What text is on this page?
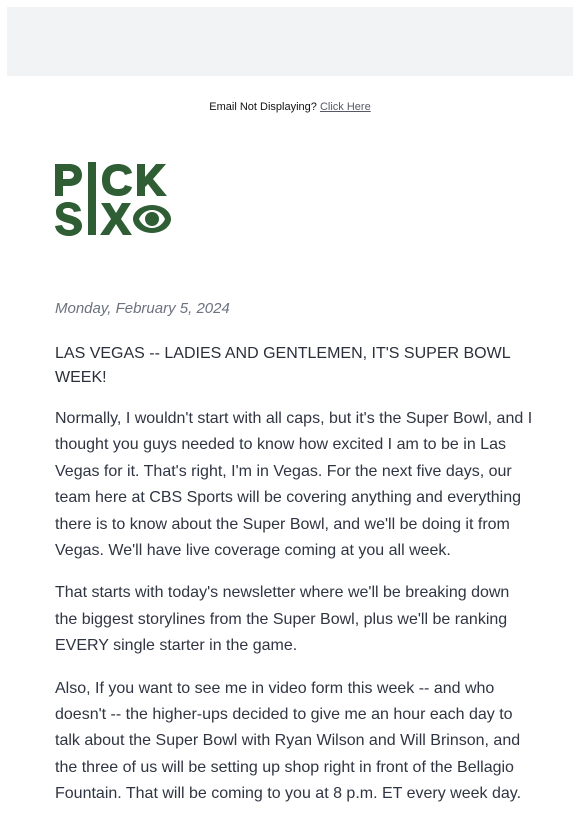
Email Not Displaying? Click Here

Monday, February 5, 2024

LAS VEGAS -- LADIES AND GENTLEMEN, IT'S SUPER BOWL WEEK!

Normally, I wouldn't start with all caps, but it's the Super Bowl, and I thought you guys needed to know how excited I am to be in Las Vegas for it. That's right, I'm in Vegas. For the next five days, our team here at CBS Sports will be covering anything and everything there is to know about the Super Bowl, and we'll be doing it from Vegas. We'll have live coverage coming at you all week.

That starts with today's newsletter where we'll be breaking down the biggest storylines from the Super Bowl, plus we'll be ranking EVERY single starter in the game.

Also, If you want to see me in video form this week -- and who doesn't -- the higher-ups decided to give me an hour each day to talk about the Super Bowl with Ryan Wilson and Will Brinson, and the three of us will be setting up shop right in front of the Bellagio Fountain. That will be coming to you at 8 p.m. ET every week day.
